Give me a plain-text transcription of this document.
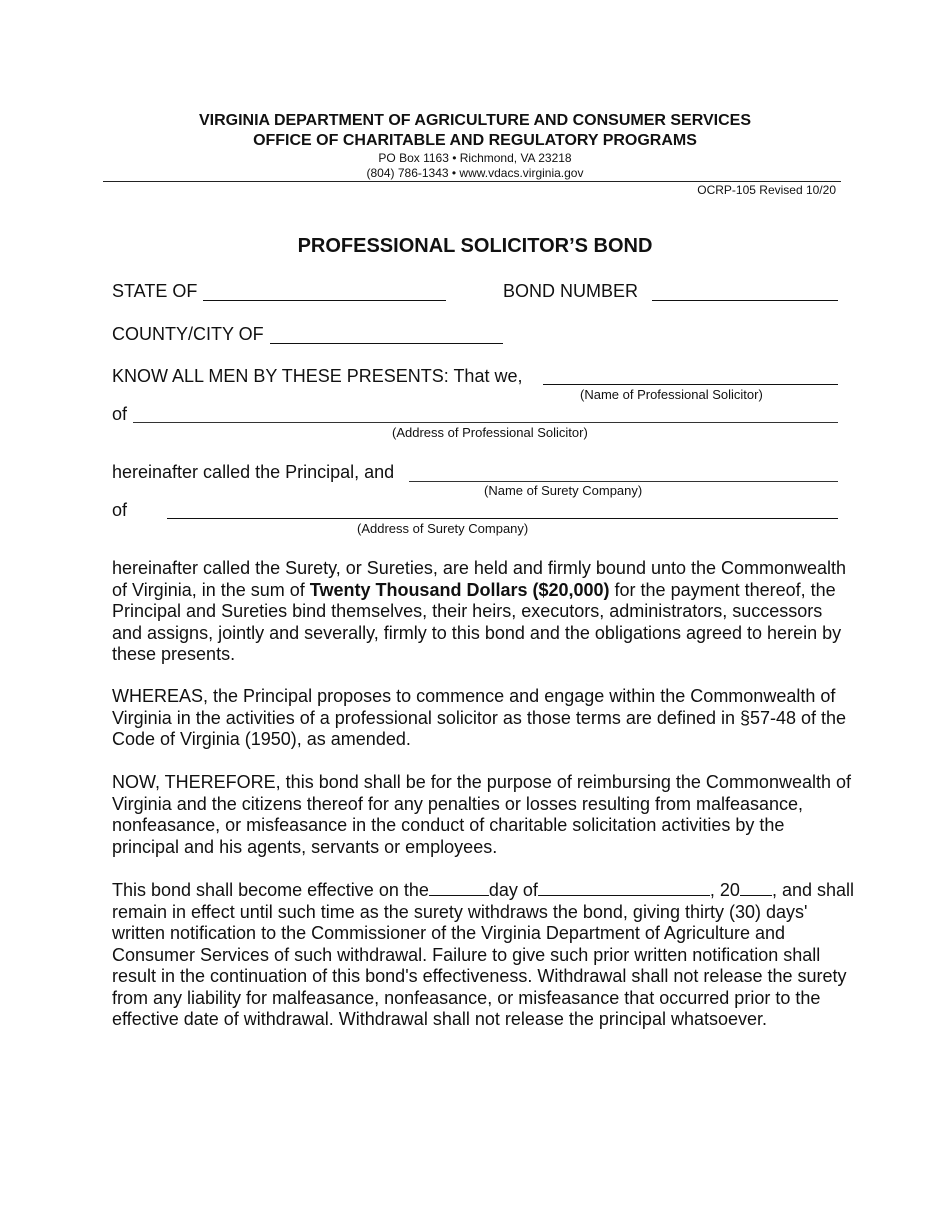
VIRGINIA DEPARTMENT OF AGRICULTURE AND CONSUMER SERVICES
OFFICE OF CHARITABLE AND REGULATORY PROGRAMS
PO Box 1163 • Richmond, VA 23218
(804) 786-1343 • www.vdacs.virginia.gov
OCRP-105 Revised 10/20
PROFESSIONAL SOLICITOR’S BOND
STATE OF	BOND NUMBER
COUNTY/CITY OF
KNOW ALL MEN BY THESE PRESENTS: That we,
(Name of Professional Solicitor)
of
(Address of Professional Solicitor)
hereinafter called the Principal, and
(Name of Surety Company)
of
(Address of Surety Company)
hereinafter called the Surety, or Sureties, are held and firmly bound unto the Commonwealth of Virginia, in the sum of Twenty Thousand Dollars ($20,000) for the payment thereof, the Principal and Sureties bind themselves, their heirs, executors, administrators, successors and assigns, jointly and severally, firmly to this bond and the obligations agreed to herein by these presents.
WHEREAS, the Principal proposes to commence and engage within the Commonwealth of Virginia in the activities of a professional solicitor as those terms are defined in §57-48 of the Code of Virginia (1950), as amended.
NOW, THEREFORE, this bond shall be for the purpose of reimbursing the Commonwealth of Virginia and the citizens thereof for any penalties or losses resulting from malfeasance, nonfeasance, or misfeasance in the conduct of charitable solicitation activities by the principal and his agents, servants or employees.
This bond shall become effective on the	day of	, 20 , and shall remain in effect until such time as the surety withdraws the bond, giving thirty (30) days' written notification to the Commissioner of the Virginia Department of Agriculture and Consumer Services of such withdrawal. Failure to give such prior written notification shall result in the continuation of this bond's effectiveness. Withdrawal shall not release the surety from any liability for malfeasance, nonfeasance, or misfeasance that occurred prior to the effective date of withdrawal. Withdrawal shall not release the principal whatsoever.
